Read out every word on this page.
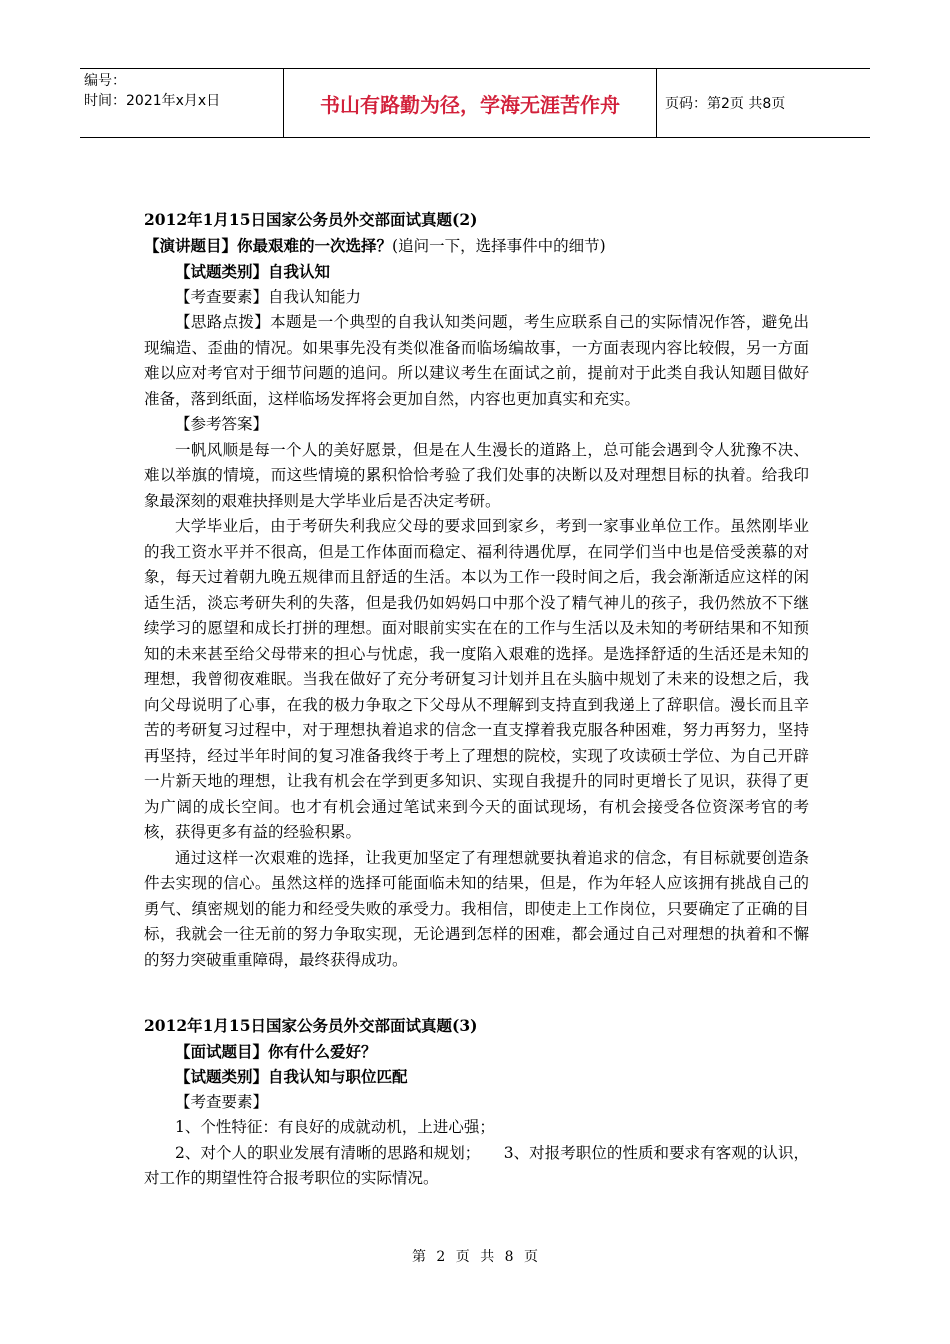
编号：
时间：2021年x月x日	书山有路勤为径，学海无涯苦作舟	页码：第2页 共8页

2012年1月15日国家公务员外交部面试真题(2)

【演讲题目】你最艰难的一次选择？(追问一下，选择事件中的细节)

【试题类别】自我认知

【考查要素】自我认知能力

【思路点拨】本题是一个典型的自我认知类问题，考生应联系自己的实际情况作答，避免出现编造、歪曲的情况。如果事先没有类似准备而临场编故事，一方面表现内容比较假，另一方面难以应对考官对于细节问题的追问。所以建议考生在面试之前，提前对于此类自我认知题目做好准备，落到纸面，这样临场发挥将会更加自然，内容也更加真实和充实。

【参考答案】

一帆风顺是每一个人的美好愿景，但是在人生漫长的道路上，总可能会遇到令人犹豫不决、难以举旗的情境，而这些情境的累积恰恰考验了我们处事的决断以及对理想目标的执着。给我印象最深刻的艰难抉择则是大学毕业后是否决定考研。

大学毕业后，由于考研失利我应父母的要求回到家乡，考到一家事业单位工作。虽然刚毕业的我工资水平并不很高，但是工作体面而稳定、福利待遇优厚，在同学们当中也是倍受羡慕的对象，每天过着朝九晚五规律而且舒适的生活。本以为工作一段时间之后，我会渐渐适应这样的闲适生活，淡忘考研失利的失落，但是我仍如妈妈口中那个没了精气神儿的孩子，我仍然放不下继续学习的愿望和成长打拼的理想。面对眼前实实在在的工作与生活以及未知的考研结果和不知预知的未来甚至给父母带来的担心与忧虑，我一度陷入艰难的选择。是选择舒适的生活还是未知的理想，我曾彻夜难眠。当我在做好了充分考研复习计划并且在头脑中规划了未来的设想之后，我向父母说明了心事，在我的极力争取之下父母从不理解到支持直到我递上了辞职信。漫长而且辛苦的考研复习过程中，对于理想执着追求的信念一直支撑着我克服各种困难，努力再努力，坚持再坚持，经过半年时间的复习准备我终于考上了理想的院校，实现了攻读硕士学位、为自己开辟一片新天地的理想，让我有机会在学到更多知识、实现自我提升的同时更增长了见识，获得了更为广阔的成长空间。也才有机会通过笔试来到今天的面试现场，有机会接受各位资深考官的考核，获得更多有益的经验积累。

通过这样一次艰难的选择，让我更加坚定了有理想就要执着追求的信念，有目标就要创造条件去实现的信心。虽然这样的选择可能面临未知的结果，但是，作为年轻人应该拥有挑战自己的勇气、缜密规划的能力和经受失败的承受力。我相信，即使走上工作岗位，只要确定了正确的目标，我就会一往无前的努力争取实现，无论遇到怎样的困难，都会通过自己对理想的执着和不懈的努力突破重重障碍，最终获得成功。

2012年1月15日国家公务员外交部面试真题(3)

【面试题目】你有什么爱好？

【试题类别】自我认知与职位匹配

【考查要素】

1、个性特征：有良好的成就动机，上进心强；

2、对个人的职业发展有清晰的思路和规划；　　3、对报考职位的性质和要求有客观的认识，对工作的期望性符合报考职位的实际情况。

第 2 页 共 8 页
